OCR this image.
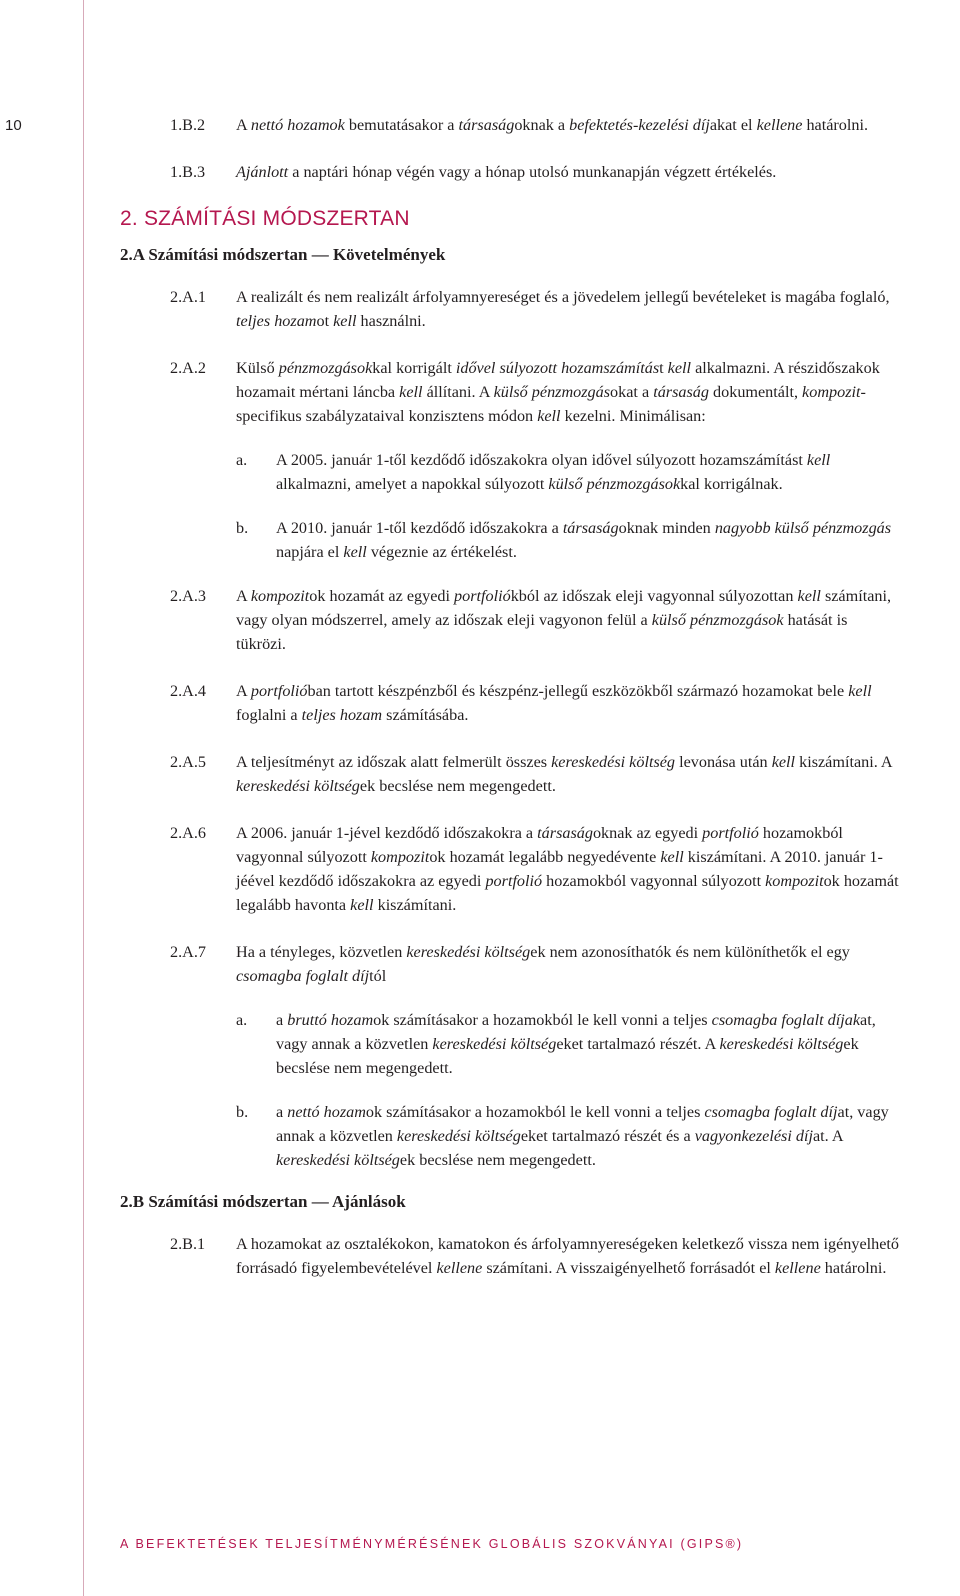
10	1.B.2	A nettó hozamok bemutatásakor a társaságoknak a befektetés-kezelési díjakat el kellene határolni.
1.B.3	Ajánlott a naptári hónap végén vagy a hónap utolsó munkanapján végzett értékelés.
2. SZÁMÍTÁSI MÓDSZERTAN
2.A Számítási módszertan — Követelmények
2.A.1	A realizált és nem realizált árfolyamnyereséget és a jövedelem jellegű bevételeket is magába foglaló, teljes hozamot kell használni.
2.A.2	Külső pénzmozgásokkal korrigált idővel súlyozott hozamszámítást kell alkalmazni. A részidőszakok hozamait mértani láncba kell állítani. A külső pénzmozgásokat a társaság dokumentált, kompozit-specifikus szabályzataival konzisztens módon kell kezelni. Minimálisan:
a.	A 2005. január 1-től kezdődő időszakokra olyan idővel súlyozott hozamszámítást kell alkalmazni, amelyet a napokkal súlyozott külső pénzmozgásokkal korrigálnak.
b.	A 2010. január 1-től kezdődő időszakokra a társaságoknak minden nagyobb külső pénzmozgás napjára el kell végeznie az értékelést.
2.A.3	A kompozitok hozamát az egyedi portfoliókból az időszak eleji vagyonnal súlyozottan kell számítani, vagy olyan módszerrel, amely az időszak eleji vagyonon felül a külső pénzmozgások hatását is tükrözi.
2.A.4	A portfolióban tartott készpénzből és készpénz-jellegű eszközökből származó hozamokat bele kell foglalni a teljes hozam számításába.
2.A.5	A teljesítményt az időszak alatt felmerült összes kereskedési költség levonása után kell kiszámítani. A kereskedési költségek becslése nem megengedett.
2.A.6	A 2006. január 1-jével kezdődő időszakokra a társaságoknak az egyedi portfolió hozamokból vagyonnal súlyozott kompozitok hozamát legalább negyedévente kell kiszámítani. A 2010. január 1-jéével kezdődő időszakokra az egyedi portfolió hozamokból vagyonnal súlyozott kompozitok hozamát legalább havonta kell kiszámítani.
2.A.7	Ha a tényleges, közvetlen kereskedési költségek nem azonosíthatók és nem különíthetők el egy csomagba foglalt díjtól
a.	a bruttó hozamok számításakor a hozamokból le kell vonni a teljes csomagba foglalt díjakat, vagy annak a közvetlen kereskedési költségeket tartalmazó részét. A kereskedési költségek becslése nem megengedett.
b.	a nettó hozamok számításakor a hozamokból le kell vonni a teljes csomagba foglalt díjat, vagy annak a közvetlen kereskedési költségeket tartalmazó részét és a vagyonkezelési díjat. A kereskedési költségek becslése nem megengedett.
2.B Számítási módszertan — Ajánlások
2.B.1	A hozamokat az osztalékokon, kamatokon és árfolyamnyereségeken keletkező vissza nem igényelhető forrásadó figyelembevételével kellene számítani. A visszaigényelhető forrásadót el kellene határolni.
A BEFEKTETÉSEK TELJESÍTMÉNYMÉRÉSÉNEK GLOBÁLIS SZOKVÁNYAI (GIPS®)
